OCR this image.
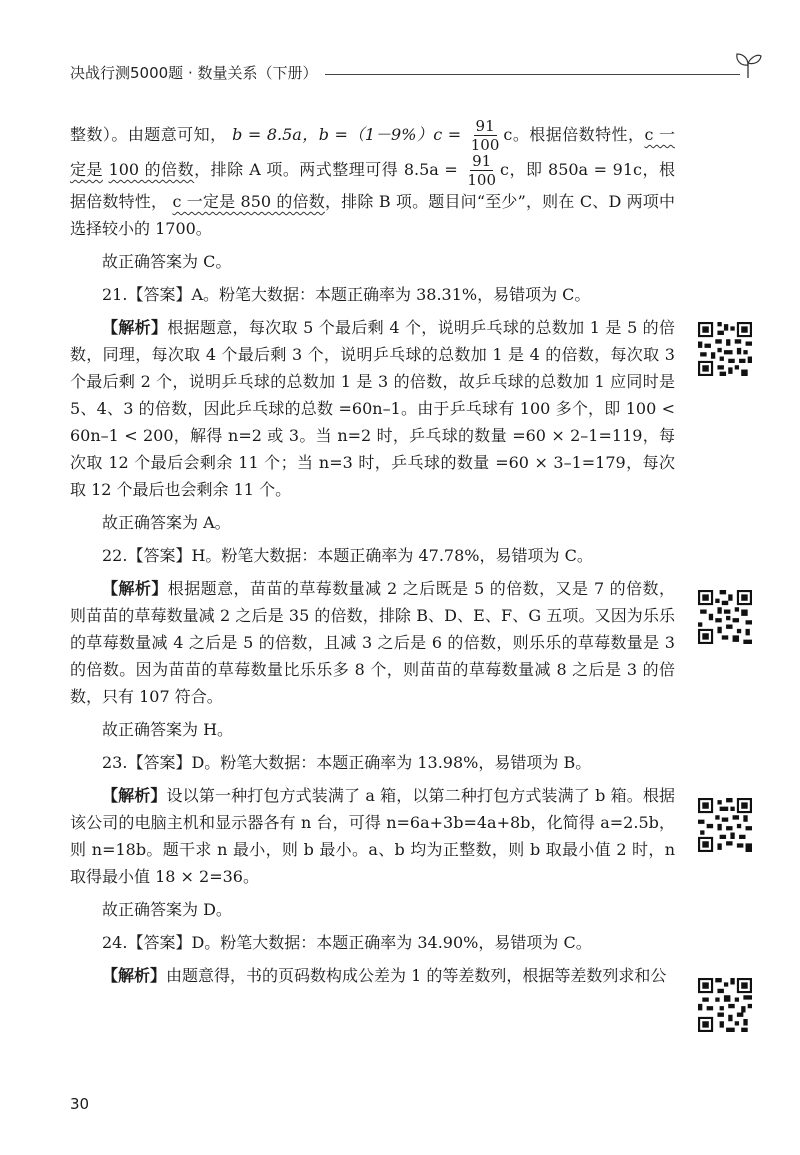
决战行测5000题 · 数量关系（下册）

整数）。由题意可知， b = 8.5a，$b =(1-9\%)c = \frac{91}{100}$ c。根据倍数特性，c 一定是 100 的倍数，排除 A 项。两式整理可得 $8.5a = \frac{91}{100}$ c，即 850a = 91c，根据倍数特性， c 一定是 850 的倍数，排除 B 项。题目问“至少”，则在 C、D 两项中选择较小的 1700。

故正确答案为 C。

21.【答案】A。粉笔大数据：本题正确率为 38.31%，易错项为 C。

【解析】根据题意，每次取 5 个最后剩 4 个，说明乒乓球的总数加 1 是 5 的倍数，同理，每次取 4 个最后剩 3 个，说明乒乓球的总数加 1 是 4 的倍数，每次取 3 个最后剩 2 个，说明乒乓球的总数加 1 是 3 的倍数，故乒乓球的总数加 1 应同时是 5、4、3 的倍数，因此乒乓球的总数 =60n–1。由于乒乓球有 100 多个，即 100 < 60n–1 < 200，解得 n=2 或 3。当 n=2 时，乒乓球的数量 =60 × 2–1=119，每次取 12 个最后会剩余 11 个；当 n=3 时，乒乓球的数量 =60 × 3–1=179，每次取 12 个最后也会剩余 11 个。

故正确答案为 A。

22.【答案】H。粉笔大数据：本题正确率为 47.78%，易错项为 C。

【解析】根据题意，苗苗的草莓数量减 2 之后既是 5 的倍数，又是 7 的倍数，则苗苗的草莓数量减 2 之后是 35 的倍数，排除 B、D、E、F、G 五项。又因为乐乐的草莓数量减 4 之后是 5 的倍数，且减 3 之后是 6 的倍数，则乐乐的草莓数量是 3 的倍数。因为苗苗的草莓数量比乐乐多 8 个，则苗苗的草莓数量减 8 之后是 3 的倍数，只有 107 符合。

故正确答案为 H。

23.【答案】D。粉笔大数据：本题正确率为 13.98%，易错项为 B。

【解析】设以第一种打包方式装满了 a 箱，以第二种打包方式装满了 b 箱。根据该公司的电脑主机和显示器各有 n 台，可得 n=6a+3b=4a+8b，化简得 a=2.5b，则 n=18b。题干求 n 最小，则 b 最小。a、b 均为正整数，则 b 取最小值 2 时，n 取得最小值 18 × 2=36。

故正确答案为 D。

24.【答案】D。粉笔大数据：本题正确率为 34.90%，易错项为 C。

【解析】由题意得，书的页码数构成公差为 1 的等差数列，根据等差数列求和公

30
